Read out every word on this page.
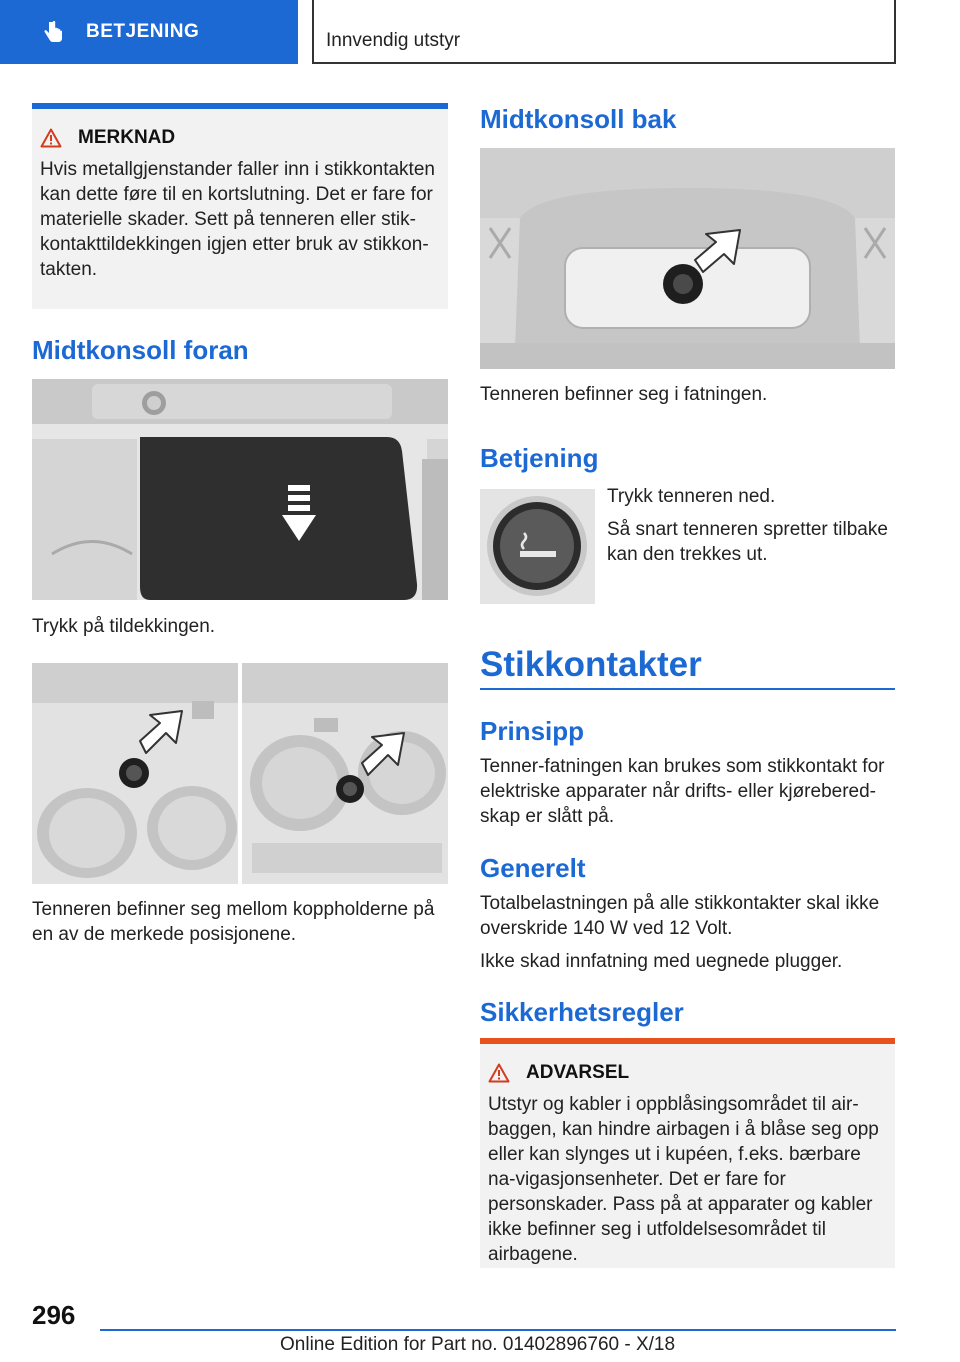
BETJENING	Innvendig utstyr
MERKNAD
Hvis metallgjenstander faller inn i stikkontakten kan dette føre til en kortslutning. Det er fare for materielle skader. Sett på tenneren eller stik-kontakttildekkingen igjen etter bruk av stikkon-takten.
Midtkonsoll foran
Trykk på tildekkingen.
Tenneren befinner seg mellom koppholderne på en av de merkede posisjonene.
Midtkonsoll bak
Tenneren befinner seg i fatningen.
Betjening
Trykk tenneren ned.
Så snart tenneren spretter tilbake kan den trekkes ut.
Stikkontakter
Prinsipp
Tenner-fatningen kan brukes som stikkontakt for elektriske apparater når drifts- eller kjørebered-skap er slått på.
Generelt
Totalbelastningen på alle stikkontakter skal ikke overskride 140 W ved 12 Volt.
Ikke skad innfatning med uegnede plugger.
Sikkerhetsregler
ADVARSEL
Utstyr og kabler i oppblåsingsområdet til air-baggen, kan hindre airbagen i å blåse seg opp eller kan slynges ut i kupéen, f.eks. bærbare na-vigasjonsenheter. Det er fare for personskader. Pass på at apparater og kabler ikke befinner seg i utfoldelsesområdet til airbagene.
296
Online Edition for Part no. 01402896760 - X/18
